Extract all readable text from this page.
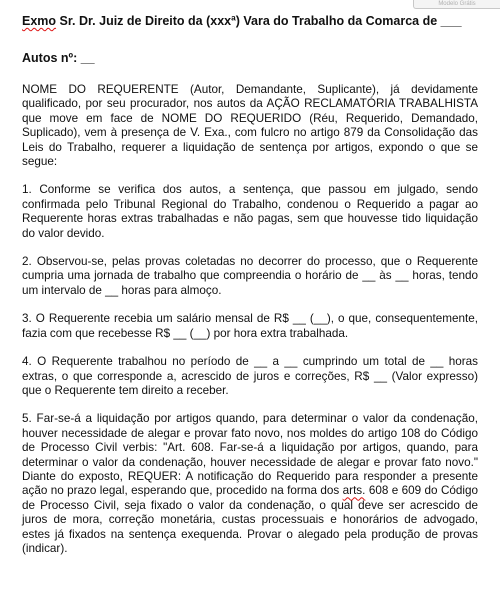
Modelo Grátis

Exmo Sr. Dr. Juiz de Direito da (xxxª) Vara do Trabalho da Comarca de ___

Autos nº: __

NOME DO REQUERENTE (Autor, Demandante, Suplicante), já devidamente qualificado, por seu procurador, nos autos da AÇÃO RECLAMATÓRIA TRABALHISTA que move em face de NOME DO REQUERIDO (Réu, Requerido, Demandado, Suplicado), vem à presença de V. Exa., com fulcro no artigo 879 da Consolidação das Leis do Trabalho, requerer a liquidação de sentença por artigos, expondo o que se segue:

1. Conforme se verifica dos autos, a sentença, que passou em julgado, sendo confirmada pelo Tribunal Regional do Trabalho, condenou o Requerido a pagar ao Requerente horas extras trabalhadas e não pagas, sem que houvesse tido liquidação do valor devido.

2. Observou-se, pelas provas coletadas no decorrer do processo, que o Requerente cumpria uma jornada de trabalho que compreendia o horário de __ às __ horas, tendo um intervalo de __ horas para almoço.

3. O Requerente recebia um salário mensal de R$ __ (__), o que, consequentemente, fazia com que recebesse R$ __ (__) por hora extra trabalhada.

4. O Requerente trabalhou no período de __ a __ cumprindo um total de __ horas extras, o que corresponde a, acrescido de juros e correções, R$ __ (Valor expresso) que o Requerente tem direito a receber.

5. Far-se-á a liquidação por artigos quando, para determinar o valor da condenação, houver necessidade de alegar e provar fato novo, nos moldes do artigo 108 do Código de Processo Civil verbis: "Art. 608. Far-se-á a liquidação por artigos, quando, para determinar o valor da condenação, houver necessidade de alegar e provar fato novo." Diante do exposto, REQUER: A notificação do Requerido para responder a presente ação no prazo legal, esperando que, procedido na forma dos arts. 608 e 609 do Código de Processo Civil, seja fixado o valor da condenação, o qual deve ser acrescido de juros de mora, correção monetária, custas processuais e honorários de advogado, estes já fixados na sentença exequenda. Provar o alegado pela produção de provas (indicar).
